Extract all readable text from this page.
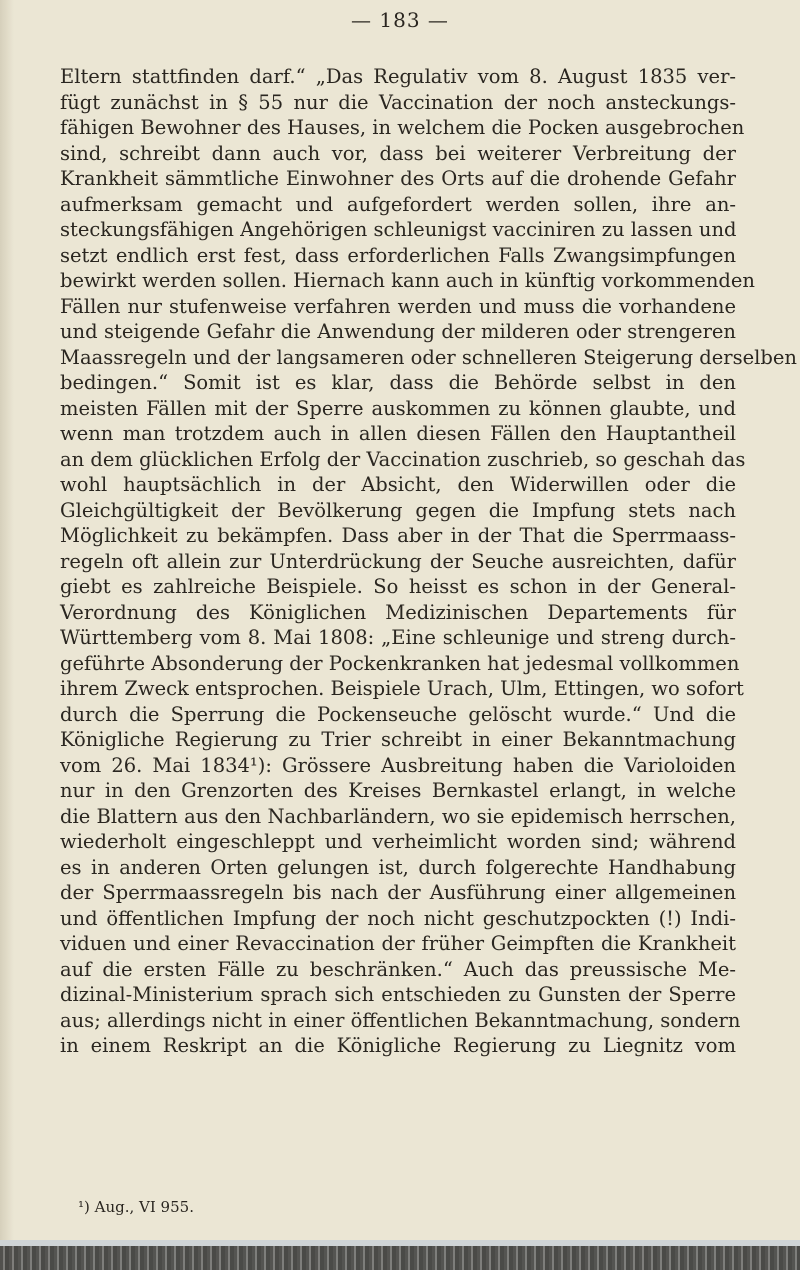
— 183 —
Eltern stattfinden darf.“ „Das Regulativ vom 8. August 1835 ver-
fügt zunächst in § 55 nur die Vaccination der noch ansteckungs-
fähigen Bewohner des Hauses, in welchem die Pocken ausgebrochen
sind, schreibt dann auch vor, dass bei weiterer Verbreitung der
Krankheit sämmtliche Einwohner des Orts auf die drohende Gefahr
aufmerksam gemacht und aufgefordert werden sollen, ihre an-
steckungsfähigen Angehörigen schleunigst vacciniren zu lassen und
setzt endlich erst fest, dass erforderlichen Falls Zwangsimpfungen
bewirkt werden sollen. Hiernach kann auch in künftig vorkommenden
Fällen nur stufenweise verfahren werden und muss die vorhandene
und steigende Gefahr die Anwendung der milderen oder strengeren
Maassregeln und der langsameren oder schnelleren Steigerung derselben
bedingen.“ Somit ist es klar, dass die Behörde selbst in den
meisten Fällen mit der Sperre auskommen zu können glaubte, und
wenn man trotzdem auch in allen diesen Fällen den Hauptantheil
an dem glücklichen Erfolg der Vaccination zuschrieb, so geschah das
wohl hauptsächlich in der Absicht, den Widerwillen oder die
Gleichgültigkeit der Bevölkerung gegen die Impfung stets nach
Möglichkeit zu bekämpfen. Dass aber in der That die Sperrmaass-
regeln oft allein zur Unterdrückung der Seuche ausreichten, dafür
giebt es zahlreiche Beispiele. So heisst es schon in der General-
Verordnung des Königlichen Medizinischen Departements für
Württemberg vom 8. Mai 1808: „Eine schleunige und streng durch-
geführte Absonderung der Pockenkranken hat jedesmal vollkommen
ihrem Zweck entsprochen. Beispiele Urach, Ulm, Ettingen, wo sofort
durch die Sperrung die Pockenseuche gelöscht wurde.“ Und die
Königliche Regierung zu Trier schreibt in einer Bekanntmachung
vom 26. Mai 1834¹): Grössere Ausbreitung haben die Varioloiden
nur in den Grenzorten des Kreises Bernkastel erlangt, in welche
die Blattern aus den Nachbarländern, wo sie epidemisch herrschen,
wiederholt eingeschleppt und verheimlicht worden sind; während
es in anderen Orten gelungen ist, durch folgerechte Handhabung
der Sperrmaassregeln bis nach der Ausführung einer allgemeinen
und öffentlichen Impfung der noch nicht geschutzpockten (!) Indi-
viduen und einer Revaccination der früher Geimpften die Krankheit
auf die ersten Fälle zu beschränken.“ Auch das preussische Me-
dizinal-Ministerium sprach sich entschieden zu Gunsten der Sperre
aus; allerdings nicht in einer öffentlichen Bekanntmachung, sondern
in einem Reskript an die Königliche Regierung zu Liegnitz vom
¹) Aug., VI 955.
